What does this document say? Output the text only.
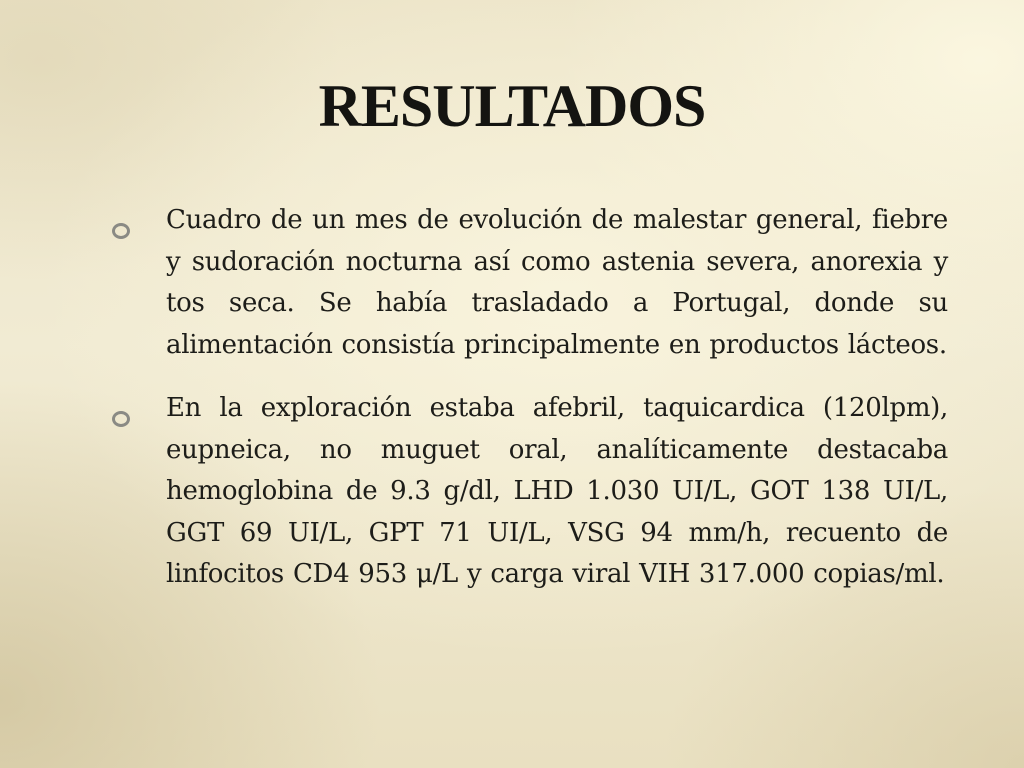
RESULTADOS
Cuadro de un mes de evolución de malestar general, fiebre y sudoración nocturna así como astenia severa, anorexia y tos seca. Se había trasladado a Portugal, donde su alimentación consistía principalmente en productos lácteos.
En la exploración estaba afebril, taquicardica (120lpm), eupneica, no muguet oral, analíticamente destacaba hemoglobina de 9.3 g/dl, LHD 1.030 UI/L, GOT 138 UI/L, GGT 69 UI/L, GPT 71 UI/L, VSG 94 mm/h, recuento de linfocitos CD4 953 μ/L y carga viral VIH 317.000 copias/ml.
